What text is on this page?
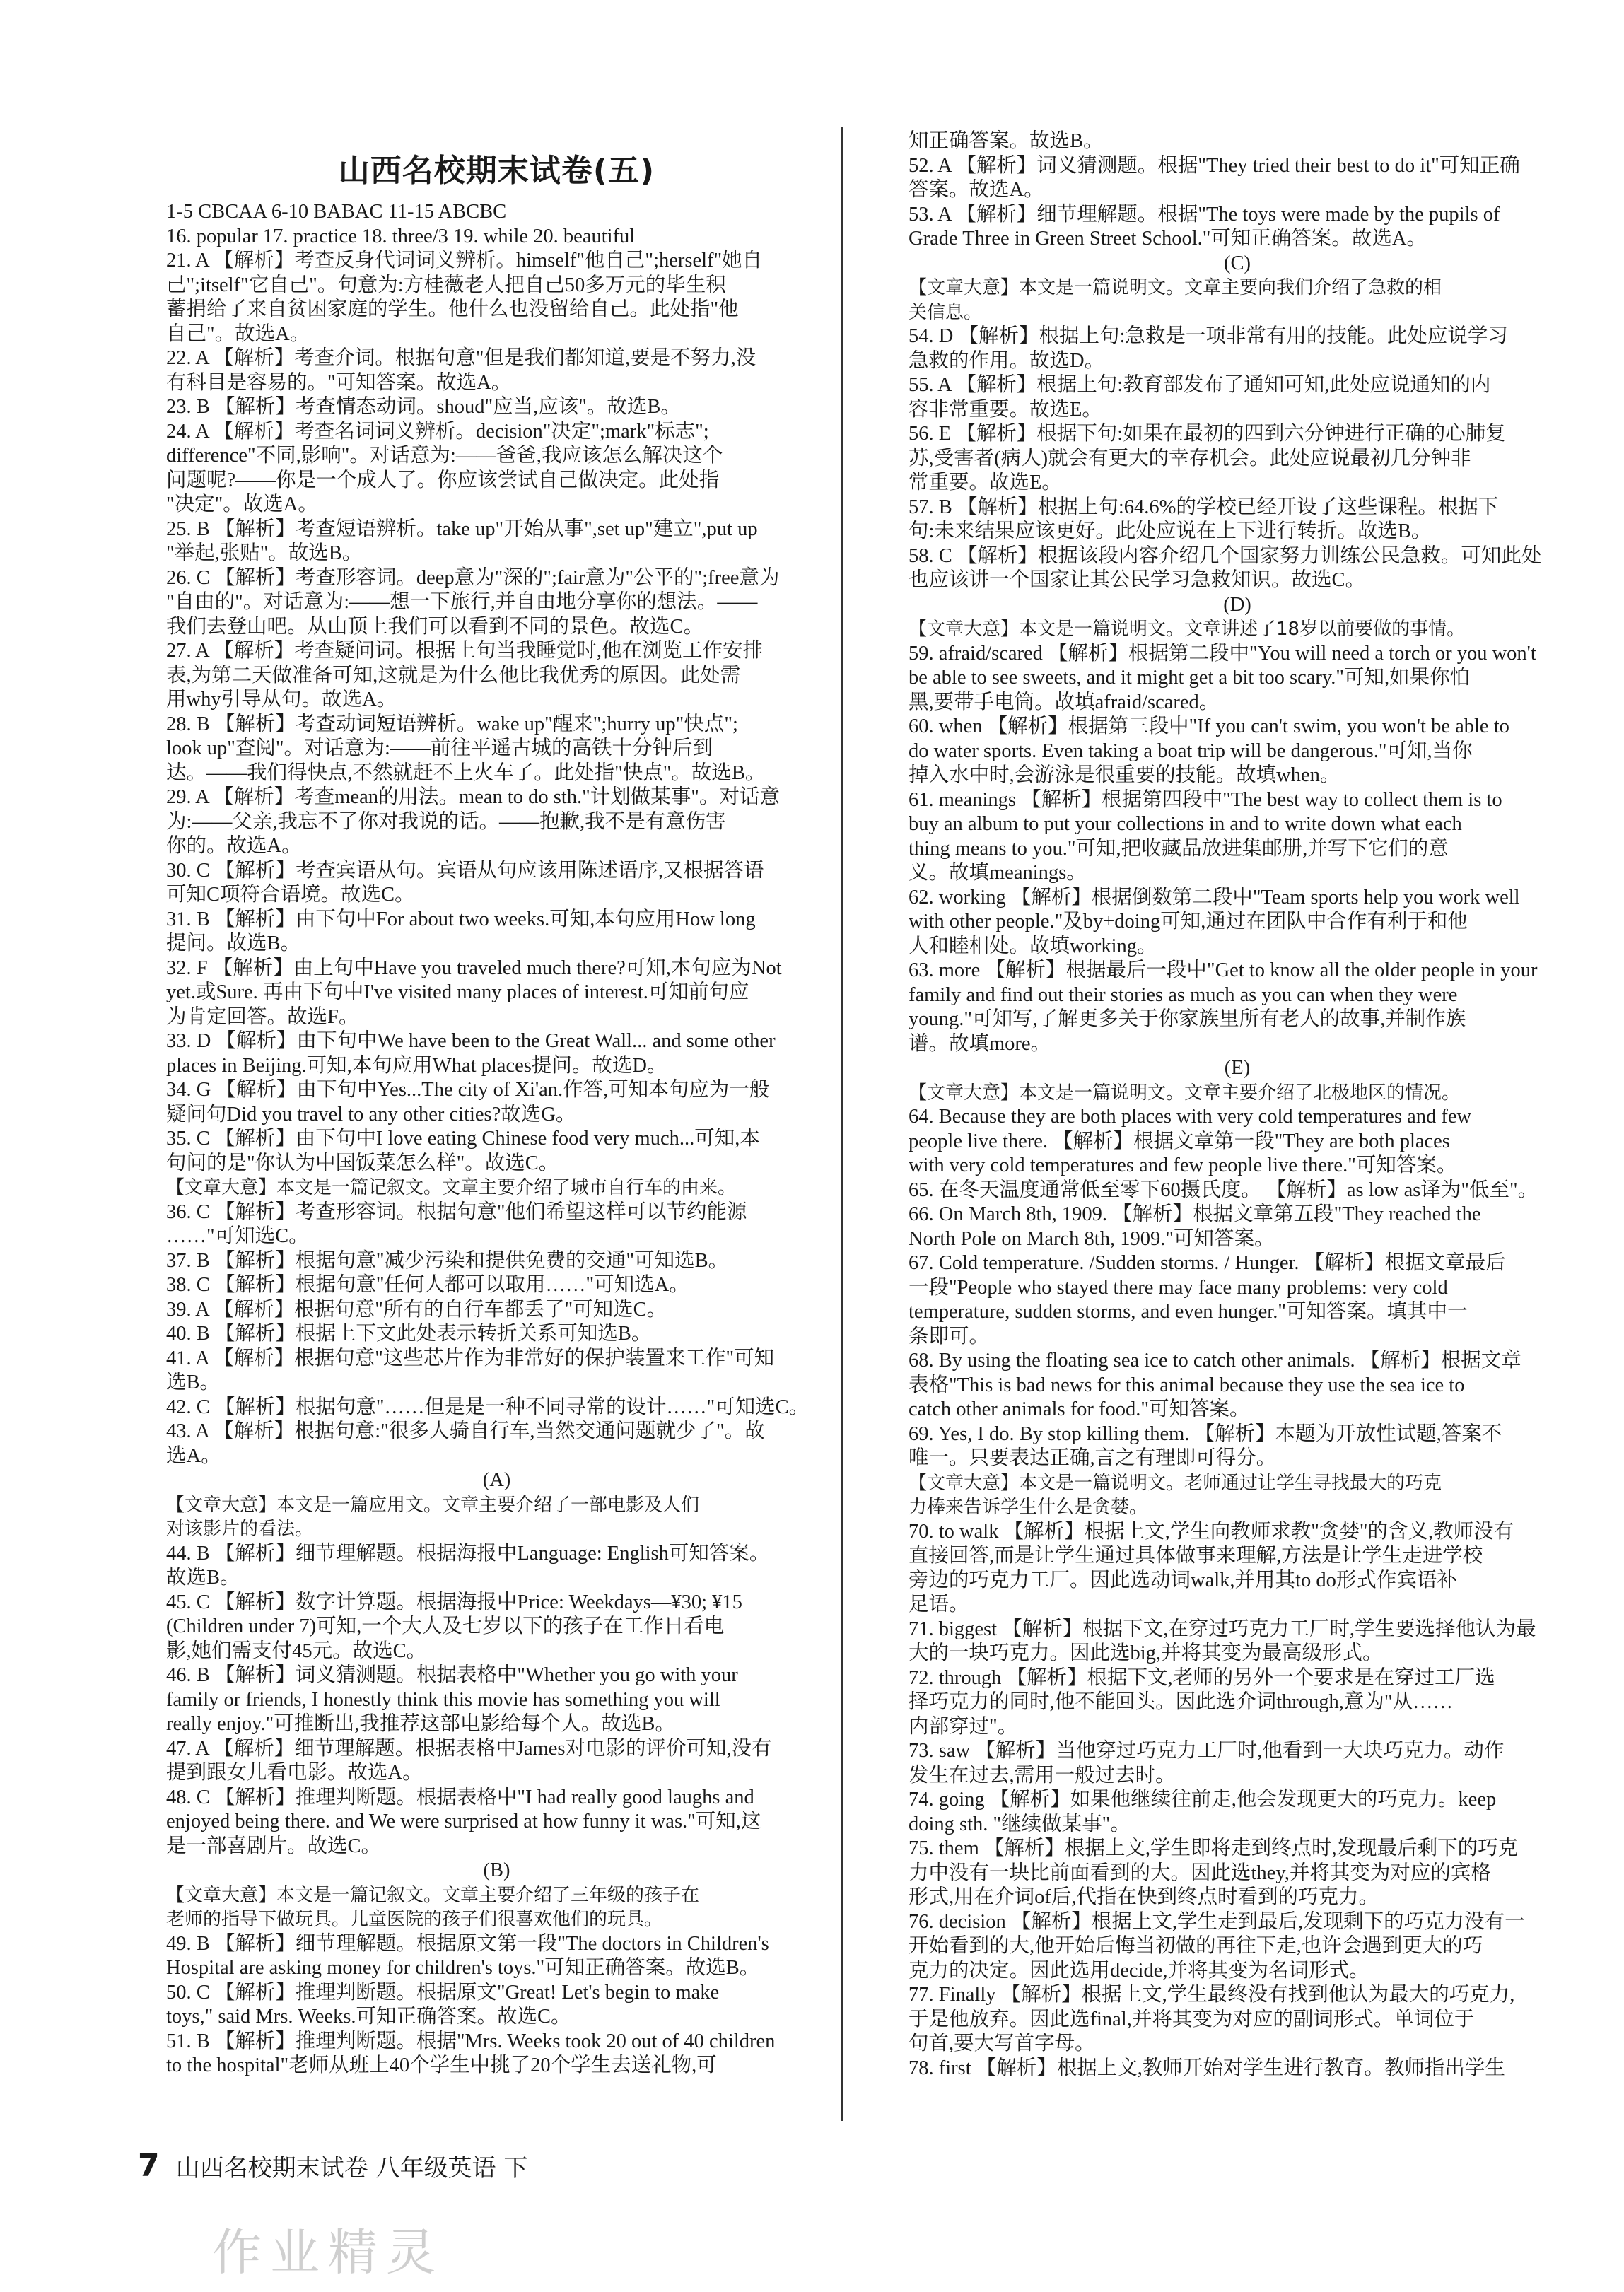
山西名校期末试卷(五)
1-5 CBCAA 6-10 BABAC 11-15 ABCBC
16. popular 17. practice 18. three/3 19. while 20. beautiful
21. A 【解析】考查反身代词词义辨析。himself"他自己";herself"她自
己";itself"它自己"。句意为:方桂薇老人把自己50多万元的毕生积
蓄捐给了来自贫困家庭的学生。他什么也没留给自己。此处指"他
自己"。故选A。
22. A 【解析】考查介词。根据句意"但是我们都知道,要是不努力,没
有科目是容易的。"可知答案。故选A。
23. B 【解析】考查情态动词。shoud"应当,应该"。故选B。
24. A 【解析】考查名词词义辨析。decision"决定";mark"标志";
difference"不同,影响"。对话意为:——爸爸,我应该怎么解决这个
问题呢?——你是一个成人了。你应该尝试自己做决定。此处指
"决定"。故选A。
25. B 【解析】考查短语辨析。take up"开始从事",set up"建立",put up
"举起,张贴"。故选B。
26. C 【解析】考查形容词。deep意为"深的";fair意为"公平的";free意为
"自由的"。对话意为:——想一下旅行,并自由地分享你的想法。——
我们去登山吧。从山顶上我们可以看到不同的景色。故选C。
27. A 【解析】考查疑问词。根据上句当我睡觉时,他在浏览工作安排
表,为第二天做准备可知,这就是为什么他比我优秀的原因。此处需
用why引导从句。故选A。
28. B 【解析】考查动词短语辨析。wake up"醒来";hurry up"快点";
look up"查阅"。对话意为:——前往平遥古城的高铁十分钟后到
达。——我们得快点,不然就赶不上火车了。此处指"快点"。故选B。
29. A 【解析】考查mean的用法。mean to do sth."计划做某事"。对话意
为:——父亲,我忘不了你对我说的话。——抱歉,我不是有意伤害
你的。故选A。
30. C 【解析】考查宾语从句。宾语从句应该用陈述语序,又根据答语
可知C项符合语境。故选C。
31. B 【解析】由下句中For about two weeks.可知,本句应用How long
提问。故选B。
32. F 【解析】由上句中Have you traveled much there?可知,本句应为Not
yet.或Sure. 再由下句中I've visited many places of interest.可知前句应
为肯定回答。故选F。
33. D 【解析】由下句中We have been to the Great Wall... and some other
places in Beijing.可知,本句应用What places提问。故选D。
34. G 【解析】由下句中Yes...The city of Xi'an.作答,可知本句应为一般
疑问句Did you travel to any other cities?故选G。
35. C 【解析】由下句中I love eating Chinese food very much...可知,本
句问的是"你认为中国饭菜怎么样"。故选C。
【文章大意】本文是一篇记叙文。文章主要介绍了城市自行车的由来。
36. C 【解析】考查形容词。根据句意"他们希望这样可以节约能源
……"可知选C。
37. B 【解析】根据句意"减少污染和提供免费的交通"可知选B。
38. C 【解析】根据句意"任何人都可以取用……"可知选A。
39. A 【解析】根据句意"所有的自行车都丢了"可知选C。
40. B 【解析】根据上下文此处表示转折关系可知选B。
41. A 【解析】根据句意"这些芯片作为非常好的保护装置来工作"可知
选B。
42. C 【解析】根据句意"……但是是一种不同寻常的设计……"可知选C。
43. A 【解析】根据句意:"很多人骑自行车,当然交通问题就少了"。故
选A。
(A)
【文章大意】本文是一篇应用文。文章主要介绍了一部电影及人们
对该影片的看法。
44. B 【解析】细节理解题。根据海报中Language: English可知答案。
故选B。
45. C 【解析】数字计算题。根据海报中Price: Weekdays—¥30; ¥15
(Children under 7)可知,一个大人及七岁以下的孩子在工作日看电
影,她们需支付45元。故选C。
46. B 【解析】词义猜测题。根据表格中"Whether you go with your
family or friends, I honestly think this movie has something you will
really enjoy."可推断出,我推荐这部电影给每个人。故选B。
47. A 【解析】细节理解题。根据表格中James对电影的评价可知,没有
提到跟女儿看电影。故选A。
48. C 【解析】推理判断题。根据表格中"I had really good laughs and
enjoyed being there. and We were surprised at how funny it was."可知,这
是一部喜剧片。故选C。
(B)
【文章大意】本文是一篇记叙文。文章主要介绍了三年级的孩子在
老师的指导下做玩具。儿童医院的孩子们很喜欢他们的玩具。
49. B 【解析】细节理解题。根据原文第一段"The doctors in Children's
Hospital are asking money for children's toys."可知正确答案。故选B。
50. C 【解析】推理判断题。根据原文"Great! Let's begin to make
toys," said Mrs. Weeks.可知正确答案。故选C。
51. B 【解析】推理判断题。根据"Mrs. Weeks took 20 out of 40 children
to the hospital"老师从班上40个学生中挑了20个学生去送礼物,可
知正确答案。故选B。
52. A 【解析】词义猜测题。根据"They tried their best to do it"可知正确
答案。故选A。
53. A 【解析】细节理解题。根据"The toys were made by the pupils of
Grade Three in Green Street School."可知正确答案。故选A。
(C)
【文章大意】本文是一篇说明文。文章主要向我们介绍了急救的相
关信息。
54. D 【解析】根据上句:急救是一项非常有用的技能。此处应说学习
急救的作用。故选D。
55. A 【解析】根据上句:教育部发布了通知可知,此处应说通知的内
容非常重要。故选E。
56. E 【解析】根据下句:如果在最初的四到六分钟进行正确的心肺复
苏,受害者(病人)就会有更大的幸存机会。此处应说最初几分钟非
常重要。故选E。
57. B 【解析】根据上句:64.6%的学校已经开设了这些课程。根据下
句:未来结果应该更好。此处应说在上下进行转折。故选B。
58. C 【解析】根据该段内容介绍几个国家努力训练公民急救。可知此处
也应该讲一个国家让其公民学习急救知识。故选C。
(D)
【文章大意】本文是一篇说明文。文章讲述了18岁以前要做的事情。
59. afraid/scared 【解析】根据第二段中"You will need a torch or you won't
be able to see sweets, and it might get a bit too scary."可知,如果你怕
黑,要带手电筒。故填afraid/scared。
60. when 【解析】根据第三段中"If you can't swim, you won't be able to
do water sports. Even taking a boat trip will be dangerous."可知,当你
掉入水中时,会游泳是很重要的技能。故填when。
61. meanings 【解析】根据第四段中"The best way to collect them is to
buy an album to put your collections in and to write down what each
thing means to you."可知,把收藏品放进集邮册,并写下它们的意
义。故填meanings。
62. working 【解析】根据倒数第二段中"Team sports help you work well
with other people."及by+doing可知,通过在团队中合作有利于和他
人和睦相处。故填working。
63. more 【解析】根据最后一段中"Get to know all the older people in your
family and find out their stories as much as you can when they were
young."可知写,了解更多关于你家族里所有老人的故事,并制作族
谱。故填more。
(E)
【文章大意】本文是一篇说明文。文章主要介绍了北极地区的情况。
64. Because they are both places with very cold temperatures and few
people live there. 【解析】根据文章第一段"They are both places
with very cold temperatures and few people live there."可知答案。
65. 在冬天温度通常低至零下60摄氏度。 【解析】as low as译为"低至"。
66. On March 8th, 1909. 【解析】根据文章第五段"They reached the
North Pole on March 8th, 1909."可知答案。
67. Cold temperature. /Sudden storms. / Hunger. 【解析】根据文章最后
一段"People who stayed there may face many problems: very cold
temperature, sudden storms, and even hunger."可知答案。填其中一
条即可。
68. By using the floating sea ice to catch other animals. 【解析】根据文章
表格"This is bad news for this animal because they use the sea ice to
catch other animals for food."可知答案。
69. Yes, I do. By stop killing them. 【解析】本题为开放性试题,答案不
唯一。只要表达正确,言之有理即可得分。
【文章大意】本文是一篇说明文。老师通过让学生寻找最大的巧克
力棒来告诉学生什么是贪婪。
70. to walk 【解析】根据上文,学生向教师求教"贪婪"的含义,教师没有
直接回答,而是让学生通过具体做事来理解,方法是让学生走进学校
旁边的巧克力工厂。因此选动词walk,并用其to do形式作宾语补
足语。
71. biggest 【解析】根据下文,在穿过巧克力工厂时,学生要选择他认为最
大的一块巧克力。因此选big,并将其变为最高级形式。
72. through 【解析】根据下文,老师的另外一个要求是在穿过工厂选
择巧克力的同时,他不能回头。因此选介词through,意为"从……
内部穿过"。
73. saw 【解析】当他穿过巧克力工厂时,他看到一大块巧克力。动作
发生在过去,需用一般过去时。
74. going 【解析】如果他继续往前走,他会发现更大的巧克力。keep
doing sth. "继续做某事"。
75. them 【解析】根据上文,学生即将走到终点时,发现最后剩下的巧克
力中没有一块比前面看到的大。因此选they,并将其变为对应的宾格
形式,用在介词of后,代指在快到终点时看到的巧克力。
76. decision 【解析】根据上文,学生走到最后,发现剩下的巧克力没有一
开始看到的大,他开始后悔当初做的再往下走,也许会遇到更大的巧
克力的决定。因此选用decide,并将其变为名词形式。
77. Finally 【解析】根据上文,学生最终没有找到他认为最大的巧克力,
于是他放弃。因此选final,并将其变为对应的副词形式。单词位于
句首,要大写首字母。
78. first 【解析】根据上文,教师开始对学生进行教育。教师指出学生
7 山西名校期末试卷 八年级英语 下
作业精灵
